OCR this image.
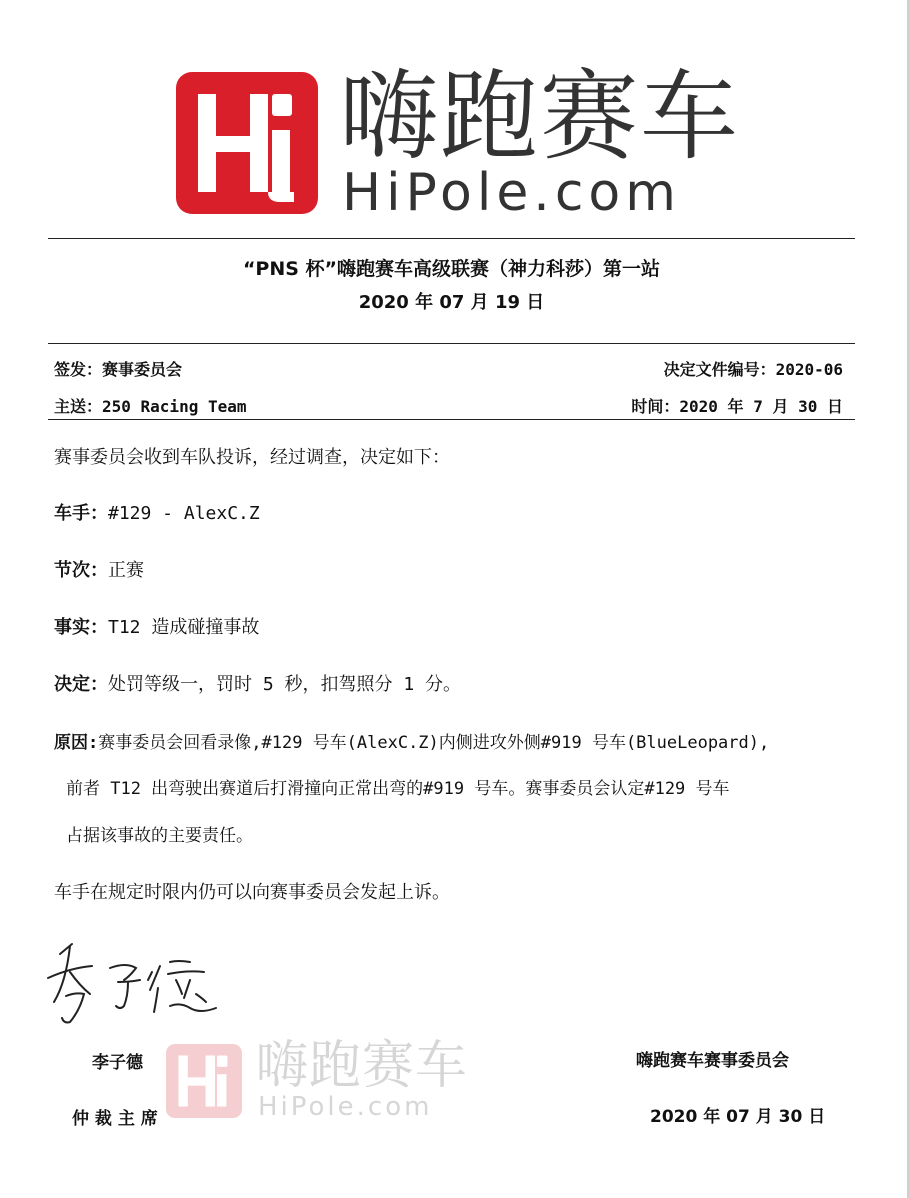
嗨跑赛车
HiPole.com
“PNS 杯”嗨跑赛车高级联赛（神力科莎）第一站
2020 年 07 月 19 日
签发：赛事委员会	决定文件编号：2020-06
主送：250 Racing Team	时间：2020 年 7 月 30 日
赛事委员会收到车队投诉，经过调查，决定如下：
车手：#129 - AlexC.Z
节次：正赛
事实：T12 造成碰撞事故
决定：处罚等级一，罚时 5 秒，扣驾照分 1 分。
原因:赛事委员会回看录像,#129 号车(AlexC.Z)内侧进攻外侧#919 号车(BlueLeopard),
前者 T12 出弯驶出赛道后打滑撞向正常出弯的#919 号车。赛事委员会认定#129 号车
占据该事故的主要责任。
车手在规定时限内仍可以向赛事委员会发起上诉。
李子德
仲 裁 主 席
嗨跑赛车赛事委员会
2020 年 07 月 30 日
嗨跑赛车
HiPole.com
